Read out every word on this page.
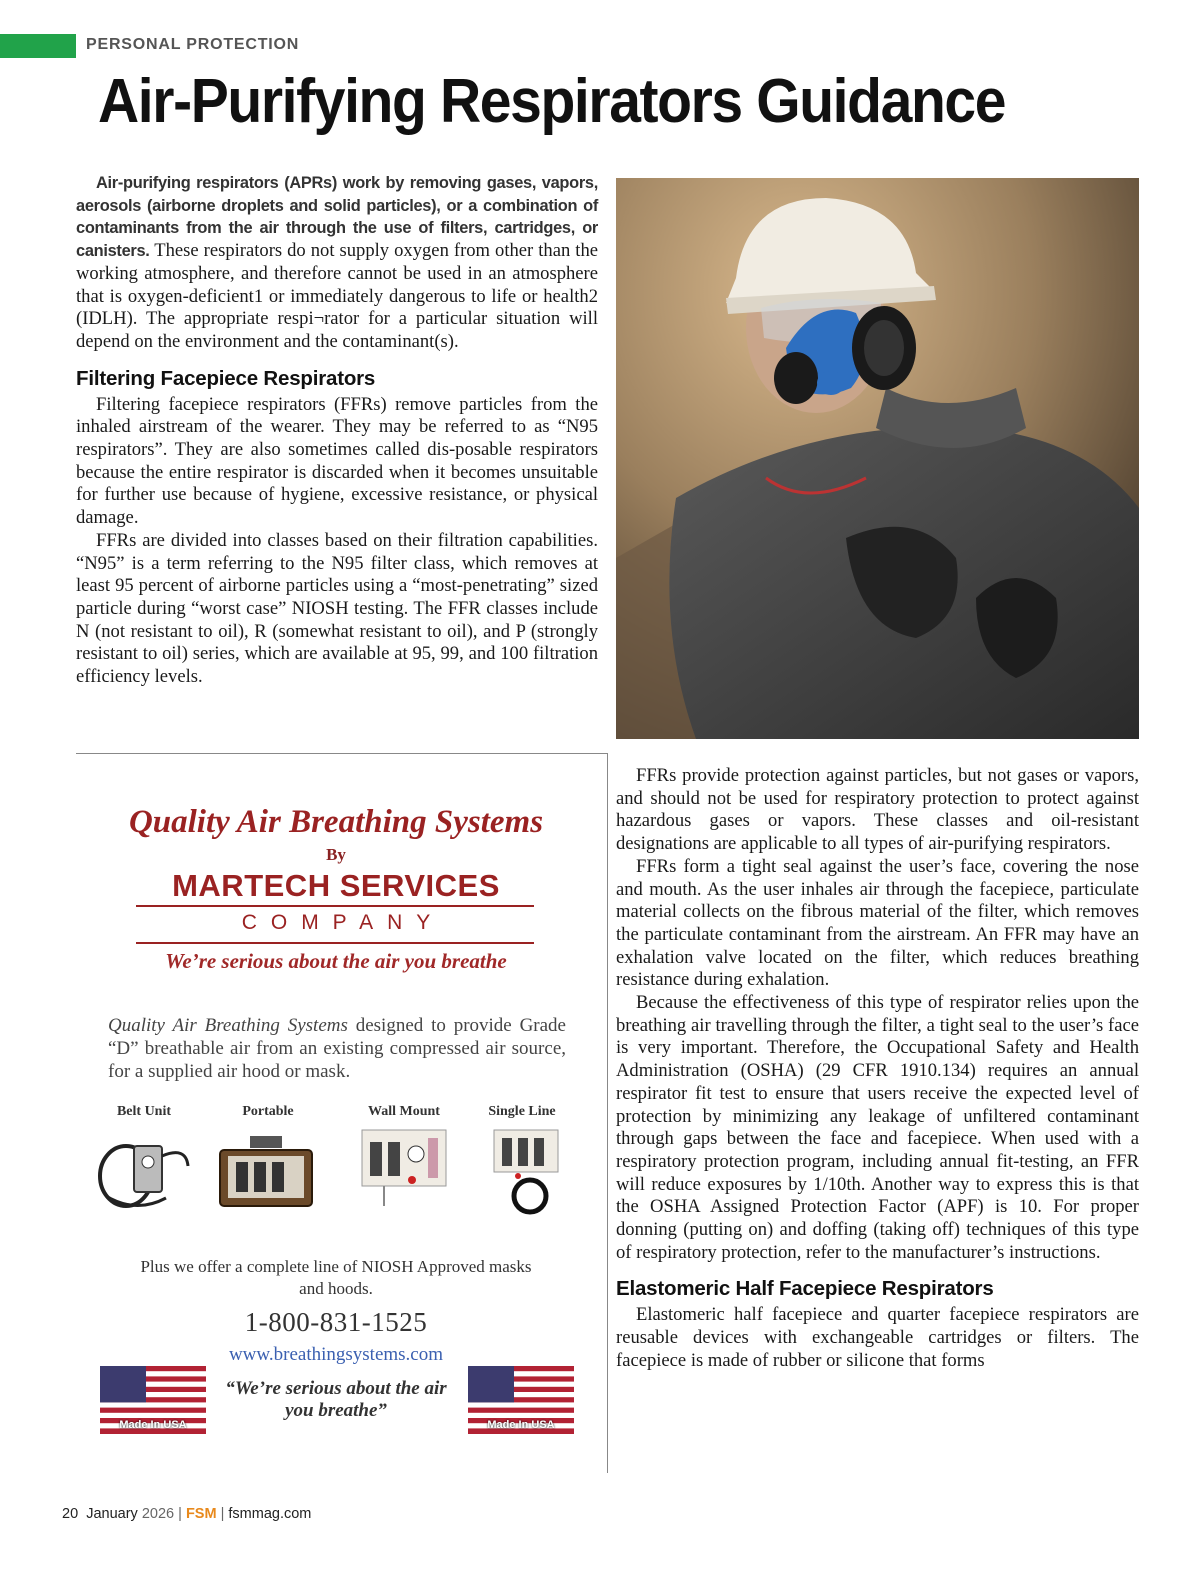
PERSONAL PROTECTION
Air-Purifying Respirators Guidance

Air-purifying respirators (APRs) work by removing gases, vapors, aerosols (airborne droplets and solid particles), or a combination of contaminants from the air through the use of filters, cartridges, or canisters. These respirators do not supply oxygen from other than the working atmosphere, and therefore cannot be used in an atmosphere that is oxygen-deficient1 or immediately dangerous to life or health2 (IDLH). The appropriate respi¬rator for a particular situation will depend on the environment and the contaminant(s).

Filtering Facepiece Respirators

Filtering facepiece respirators (FFRs) remove particles from the inhaled airstream of the wearer. They may be referred to as “N95 respirators”. They are also sometimes called dis-posable respirators because the entire respirator is discarded when it becomes unsuitable for further use because of hygiene, excessive resistance, or physical damage.

FFRs are divided into classes based on their filtration capabilities. “N95” is a term referring to the N95 filter class, which removes at least 95 percent of airborne particles using a “most-penetrating” sized particle during “worst case” NIOSH testing. The FFR classes include N (not resistant to oil), R (somewhat resistant to oil), and P (strongly resistant to oil) series, which are available at 95, 99, and 100 filtration efficiency levels.

FFRs provide protection against particles, but not gases or vapors, and should not be used for respiratory protection to protect against hazardous gases or vapors. These classes and oil-resistant designations are applicable to all types of air-purifying respirators.

FFRs form a tight seal against the user’s face, covering the nose and mouth. As the user inhales air through the facepiece, particulate material collects on the fibrous material of the filter, which removes the particulate contaminant from the airstream. An FFR may have an exhalation valve located on the filter, which reduces breathing resistance during exhalation.

Because the effectiveness of this type of respirator relies upon the breathing air travelling through the filter, a tight seal to the user’s face is very important. Therefore, the Occupational Safety and Health Administration (OSHA) (29 CFR 1910.134) requires an annual respirator fit test to ensure that users receive the expected level of protection by minimizing any leakage of unfiltered contaminant through gaps between the face and facepiece. When used with a respiratory protection program, including annual fit-testing, an FFR will reduce exposures by 1/10th. Another way to express this is that the OSHA Assigned Protection Factor (APF) is 10. For proper donning (putting on) and doffing (taking off) techniques of this type of respiratory protection, refer to the manufacturer’s instructions.

Elastomeric Half Facepiece Respirators

Elastomeric half facepiece and quarter facepiece respirators are reusable devices with exchangeable cartridges or filters. The facepiece is made of rubber or silicone that forms

Quality Air Breathing Systems
By
MARTECH SERVICES
COMPANY
We’re serious about the air you breathe
Quality Air Breathing Systems designed to provide Grade “D” breathable air from an existing compressed air source, for a supplied air hood or mask.
Belt Unit	Portable	Wall Mount	Single Line
Plus we offer a complete line of NIOSH Approved masks and hoods.
1-800-831-1525
www.breathingsystems.com
“We’re serious about the air you breathe”
Made In USA	Made In USA
20 January 2026 | FSM | fsmmag.com
